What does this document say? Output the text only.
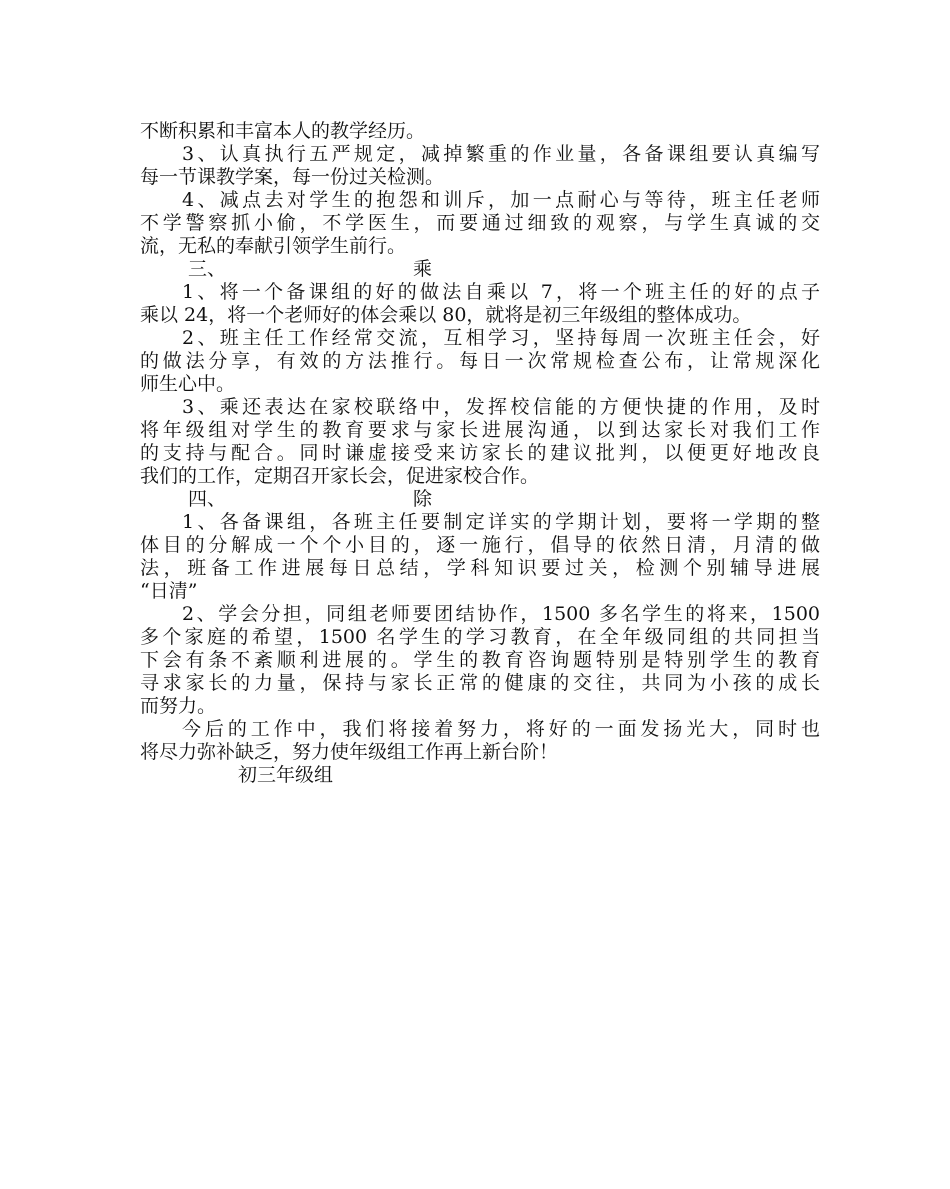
不断积累和丰富本人的教学经历。
3、认真执行五严规定，减掉繁重的作业量，各备课组要认真编写
每一节课教学案，每一份过关检测。
4、减点去对学生的抱怨和训斥，加一点耐心与等待，班主任老师
不学警察抓小偷，不学医生，而要通过细致的观察，与学生真诚的交
流，无私的奉献引领学生前行。
三、	乘
1、将一个备课组的好的做法自乘以 7，将一个班主任的好的点子
乘以 24，将一个老师好的体会乘以 80，就将是初三年级组的整体成功。
2、班主任工作经常交流，互相学习，坚持每周一次班主任会，好
的做法分享，有效的方法推行。每日一次常规检查公布，让常规深化
师生心中。
3、乘还表达在家校联络中，发挥校信能的方便快捷的作用，及时
将年级组对学生的教育要求与家长进展沟通，以到达家长对我们工作
的支持与配合。同时谦虚接受来访家长的建议批判，以便更好地改良
我们的工作，定期召开家长会，促进家校合作。
四、	除
1、各备课组，各班主任要制定详实的学期计划，要将一学期的整
体目的分解成一个个小目的，逐一施行，倡导的依然日清，月清的做
法，班备工作进展每日总结，学科知识要过关，检测个别辅导进展
“日清”
2、学会分担，同组老师要团结协作，1500 多名学生的将来，1500
多个家庭的希望，1500 名学生的学习教育，在全年级同组的共同担当
下会有条不紊顺利进展的。学生的教育咨询题特别是特别学生的教育
寻求家长的力量，保持与家长正常的健康的交往，共同为小孩的成长
而努力。
今后的工作中，我们将接着努力，将好的一面发扬光大，同时也
将尽力弥补缺乏，努力使年级组工作再上新台阶！
初三年级组
